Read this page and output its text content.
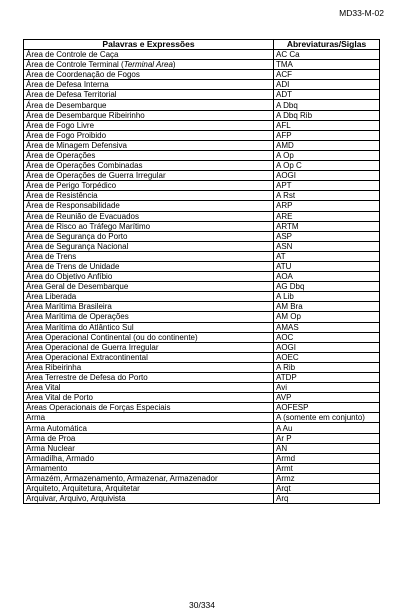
MD33-M-02
Palavras e Expressões	Abreviaturas/Siglas
Área de Controle de Caça	AC Ca
Área de Controle Terminal (Terminal Area)	TMA
Área de Coordenação de Fogos	ACF
Área de Defesa Interna	ADI
Área de Defesa Territorial	ADT
Área de Desembarque	A Dbq
Área de Desembarque Ribeirinho	A Dbq Rib
Área de Fogo Livre	AFL
Área de Fogo Proibido	AFP
Área de Minagem Defensiva	AMD
Área de Operações	A Op
Área de Operações Combinadas	A Op C
Área de Operações de Guerra Irregular	AOGI
Área de Perigo Torpédico	APT
Área de Resistência	A Rst
Área de Responsabilidade	ARP
Área de Reunião de Evacuados	ARE
Área de Risco ao Tráfego Marítimo	ARTM
Área de Segurança do Porto	ASP
Área de Segurança Nacional	ASN
Área de Trens	AT
Área de Trens de Unidade	ATU
Área do Objetivo Anfíbio	AOA
Área Geral de Desembarque	AG Dbq
Área Liberada	A Lib
Área Marítima Brasileira	AM Bra
Área Marítima de Operações	AM Op
Área Marítima do Atlântico Sul	AMAS
Área Operacional Continental (ou do continente)	AOC
Área Operacional de Guerra Irregular	AOGI
Área Operacional Extracontinental	AOEC
Área Ribeirinha	A Rib
Área Terrestre de Defesa do Porto	ATDP
Área Vital	Avi
Área Vital de Porto	AVP
Áreas Operacionais de Forças Especiais	AOFESP
Arma	A (somente em conjunto)
Arma Automática	A Au
Arma de Proa	Ar P
Arma Nuclear	AN
Armadilha, Armado	Armd
Armamento	Armt
Armazém, Armazenamento, Armazenar, Armazenador	Armz
Arquiteto, Arquitetura, Arquitetar	Arqt
Arquivar, Arquivo, Arquivista	Arq
30/334
